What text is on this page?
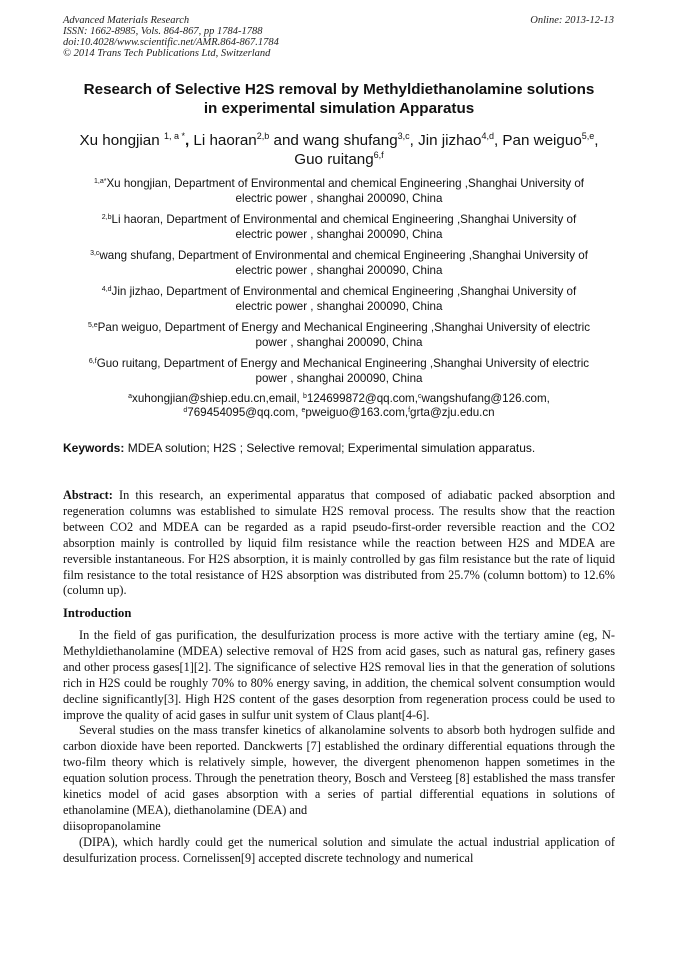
Advanced Materials Research
ISSN: 1662-8985, Vols. 864-867, pp 1784-1788
doi:10.4028/www.scientific.net/AMR.864-867.1784
© 2014 Trans Tech Publications Ltd, Switzerland
Online: 2013-12-13
Research of Selective H2S removal by Methyldiethanolamine solutions
in experimental simulation Apparatus
Xu hongjian $^{1, a *}$, Li haoran$^{2,b}$ and wang shufang$^{3,c}$, Jin jizhao$^{4,d}$, Pan weiguo$^{5,e}$,
Guo ruitang$^{6,f}$
$^{1,a*}$Xu hongjian, Department of Environmental and chemical Engineering ,Shanghai University of
electric power , shanghai 200090, China
$^{2,b}$Li haoran, Department of Environmental and chemical Engineering ,Shanghai University of
electric power , shanghai 200090, China
$^{3,c}$wang shufang, Department of Environmental and chemical Engineering ,Shanghai University of
electric power , shanghai 200090, China
$^{4,d}$Jin jizhao, Department of Environmental and chemical Engineering ,Shanghai University of
electric power , shanghai 200090, China
$^{5,e}$Pan weiguo, Department of Energy and Mechanical Engineering ,Shanghai University of electric
power , shanghai 200090, China
$^{6,f}$Guo ruitang, Department of Energy and Mechanical Engineering ,Shanghai University of electric
power , shanghai 200090, China
$^a$xuhongjian@shiep.edu.cn,email, $^b$124699872@qq.com,$^c$wangshufang@126.com,
$^d$769454095@qq.com, $^e$pweiguo@163.com,$^f$grta@zju.edu.cn
Keywords: MDEA solution; H2S ; Selective removal; Experimental simulation apparatus.
Abstract: In this research, an experimental apparatus that composed of adiabatic packed absorption and regeneration columns was established to simulate H2S removal process. The results show that the reaction between CO2 and MDEA can be regarded as a rapid pseudo-first-order reversible reaction and the CO2 absorption mainly is controlled by liquid film resistance while the reaction between H2S and MDEA are reversible instantaneous. For H2S absorption, it is mainly controlled by gas film resistance but the rate of liquid film resistance to the total resistance of H2S absorption was distributed from 25.7% (column bottom) to 12.6% (column up).
Introduction

In the field of gas purification, the desulfurization process is more active with the tertiary amine (eg, N-Methyldiethanolamine (MDEA) selective removal of H2S from acid gases, such as natural gas, refinery gases and other process gases[1][2]. The significance of selective H2S removal lies in that the generation of solutions rich in H2S could be roughly 70% to 80% energy saving, in addition, the chemical solvent consumption would decline significantly[3]. High H2S content of the gases desorption from regeneration process could be used to improve the quality of acid gases in sulfur unit system of Claus plant[4-6].

Several studies on the mass transfer kinetics of alkanolamine solvents to absorb both hydrogen sulfide and carbon dioxide have been reported. Danckwerts [7] established the ordinary differential equations through the two-film theory which is relatively simple, however, the divergent phenomenon happen sometimes in the equation solution process. Through the penetration theory, Bosch and Versteeg [8] established the mass transfer kinetics model of acid gases absorption with a series of partial differential equations in solutions of ethanolamine (MEA), diethanolamine (DEA) and

diisopropanolamine

(DIPA), which hardly could get the numerical solution and simulate the actual industrial application of desulfurization process. Cornelissen[9] accepted discrete technology and numerical
